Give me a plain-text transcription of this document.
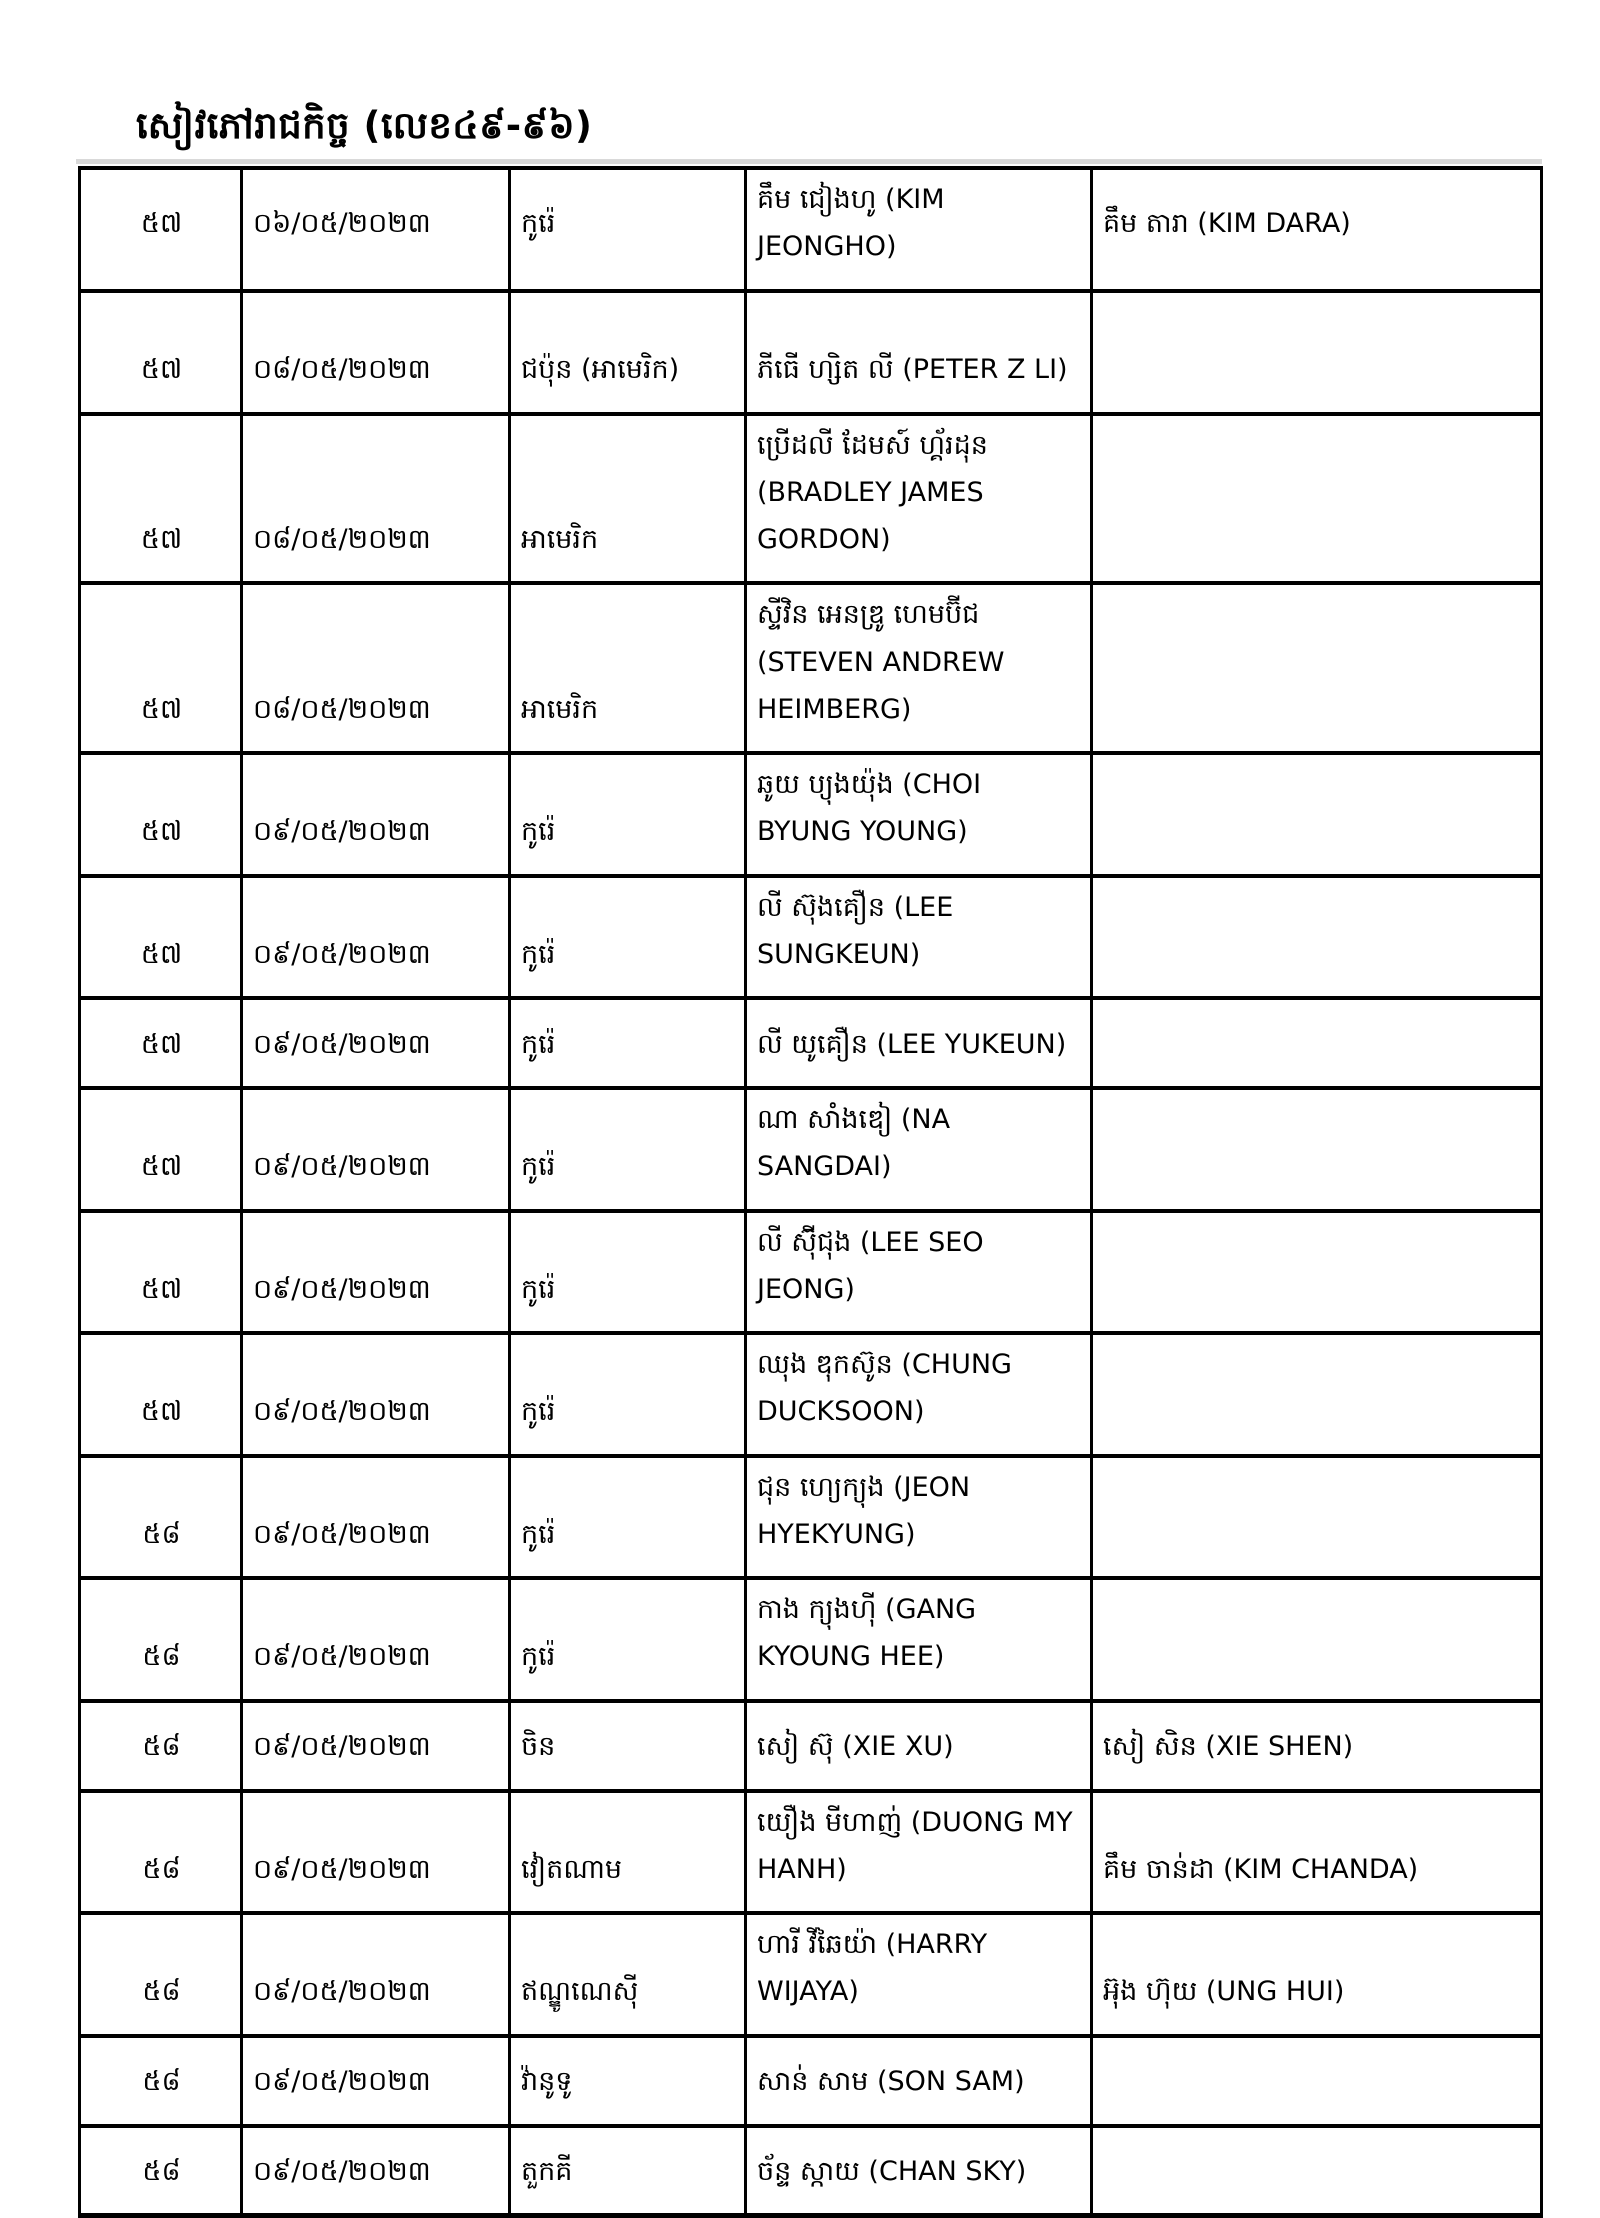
សៀវភៅរាជកិច្ច (លេខ៤៩-៩៦)
៥៧	០៦/០៥/២០២៣	កូរ៉េ	គឹម ជៀងហូ (KIM JEONGHO)	គឹម តារា (KIM DARA)
៥៧	០៨/០៥/២០២៣	ជប៉ុន (អាមេរិក)	ភីធើ ហ្សិត លី (PETER Z LI)	
៥៧	០៨/០៥/២០២៣	អាមេរិក	ប្រើដលី ដែមស៍ ហ្គ័រដុន (BRADLEY JAMES GORDON)	
៥៧	០៨/០៥/២០២៣	អាមេរិក	ស្ទីវិន អេនឌ្រូ ហេមប៊ីជ (STEVEN ANDREW HEIMBERG)	
៥៧	០៩/០៥/២០២៣	កូរ៉េ	ឆូយ ប្យុងយ៉ុង (CHOI BYUNG YOUNG)	
៥៧	០៩/០៥/២០២៣	កូរ៉េ	លី ស៊ុងគឿន (LEE SUNGKEUN)	
៥៧	០៩/០៥/២០២៣	កូរ៉េ	លី យូគឿន (LEE YUKEUN)	
៥៧	០៩/០៥/២០២៣	កូរ៉េ	ណា សាំងឌៀ (NA SANGDAI)	
៥៧	០៩/០៥/២០២៣	កូរ៉េ	លី ស៊ុីជុង (LEE SEO JEONG)	
៥៧	០៩/០៥/២០២៣	កូរ៉េ	ឈុង ឌុកស៊ូន (CHUNG DUCKSOON)	
៥៨	០៩/០៥/២០២៣	កូរ៉េ	ជុន ហ្យេក្យុង (JEON HYEKYUNG)	
៥៨	០៩/០៥/២០២៣	កូរ៉េ	កាង ក្យុងហ៊ី (GANG KYOUNG HEE)	
៥៨	០៩/០៥/២០២៣	ចិន	សៀ ស៊ុ (XIE XU)	សៀ សិន (XIE SHEN)
៥៨	០៩/០៥/២០២៣	វៀតណាម	យឿង មីហាញ់ (DUONG MY HANH)	គឹម ចាន់ដា (KIM CHANDA)
៥៨	០៩/០៥/២០២៣	ឥណ្ឌូណេស៊ី	ហារី វីឆៃយ៉ា (HARRY WIJAYA)	អ៊ុង ហ៊ុយ (UNG HUI)
៥៨	០៩/០៥/២០២៣	វ៉ានូទូ	សាន់ សាម (SON SAM)	
៥៨	០៩/០៥/២០២៣	តួកគី	ច័ន្ទ ស្កាយ (CHAN SKY)	
